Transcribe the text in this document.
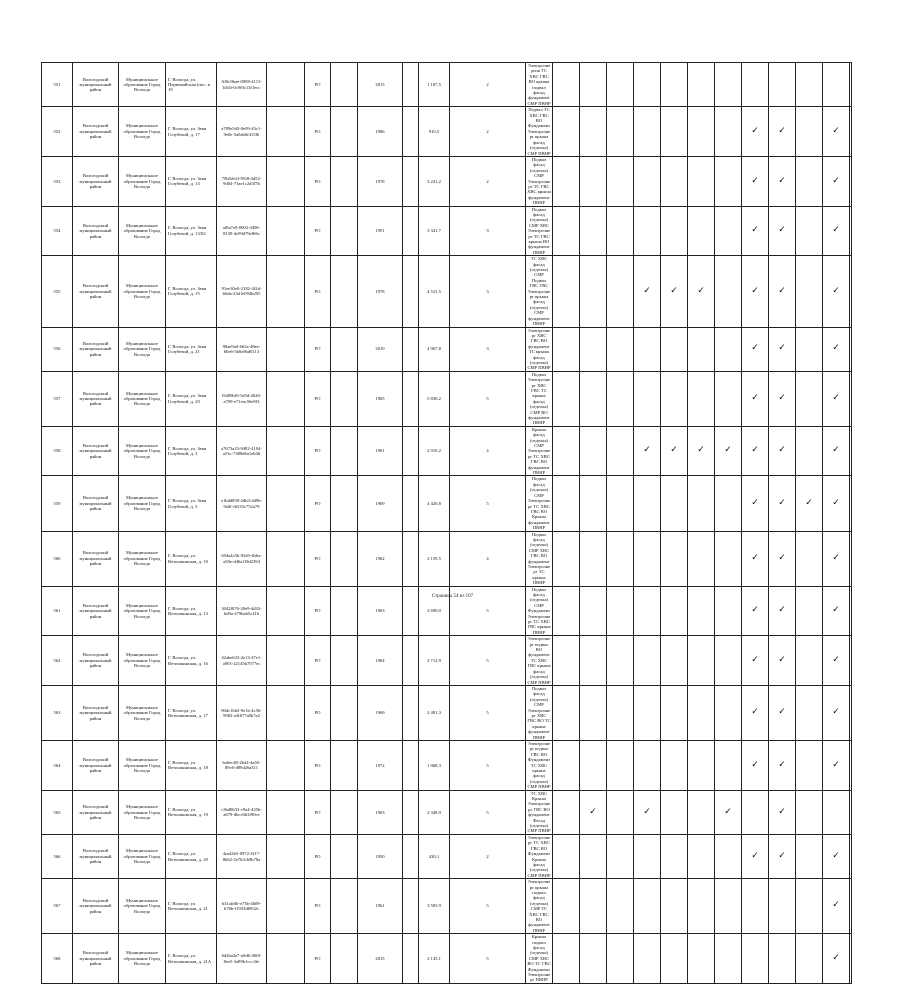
551	Вологодский муниципальный район	Муниципальное образование Город Вологда	Г. Вологда, ул. Первомайская (пос. в 19	A8fc9bae-0998-4113-b3d3-0c9f0c13f1ecc		РО		2015		1 187,5	2	Электроэнергия ТС ХВС ГВС ВО крыша подвал фасад фундамент СМР ПВНР												
552	Вологодский муниципальный район	Муниципальное образование Город Вологда	Г. Вологда, ул. Зеки Голубевой, д. 17	a789e5d3-0e09-43c1-9e0e-5a0ab6f415f6		РО		1986		910,5	2	Подвал ТС ХВС ГВС ВО Фундамент Электроэнерг крыша фасад (отделка) СМР ПВНР								✓	✓		✓	
553	Вологодский муниципальный район	Муниципальное образование Город Вологда	Г. Вологда, ул. Зеки Голубевой, д. 13	79b02e2f-95f8-4d52-9d04-71ae1c2d3f7b		РО		1978		3 241,2	2	Подвал фасад (отделка) СМР Электроэнерг ТС ГВС ХВС крыша фундамент ПВНР								✓	✓		✓	
554	Вологодский муниципальный район	Муниципальное образование Город Вологда	Г. Вологда, ул. Зеки Голубевой, д. 13/02	af8a7a9-0002-4496-8139-4e99d79e8f6c		РО		1991		3 341,7	3	Подвал фасад (отделка) СМР ХВС Электроэнерг ТС ГВС крыша ВО фундамент ПВНР								✓	✓		✓	
555	Вологодский муниципальный район	Муниципальное образование Город Вологда	Г. Вологда, ул. Зеки Голубевой, д. 15	91ee30e0-2182-4f2d-b6da-23d1e094b295		РО		1978		4 531,5	3	ТС ХВС фасад (отделка) СМР Подвал ГВС ТВС Электроэнерг крыша фасад (отделка) СМР фундамент ПВНР				✓	✓	✓		✓	✓		✓	
556	Вологодский муниципальный район	Муниципальное образование Город Вологда	Г. Вологда, ул. Зеки Голубевой, д. 21	98ae9a0-663a-48ee-b6e6-5b0a9bd6113		РО		2010		4 967,8	3	Электроэнерг ХВС ГВС ВО фундамент ТС крыша фасад (отделка) СМР ПВНР								✓	✓		✓	
557	Вологодский муниципальный район	Муниципальное образование Город Вологда	Г. Вологда, ул. Зеки Голубевой, д. 29	f5d09bf0-5a9d-4626-a709-e71eac56e9f3		РО		1965		5 836,2	5	Подвал Электроэнерг ХВС ГВС ТС крыша фасад (отделка) СМР ВО фундамент ПВНР								✓	✓		✓	
558	Вологодский муниципальный район	Муниципальное образование Город Вологда	Г. Вологда, ул. Зеки Голубевой, д. 3	a7673a23-9482-4194-a53c-7388d6a1eb46		РО		1961		2 910,2	4	Крыша фасад (отделка) СМР Электроэнерг ТС ХВС ГВС ВО фундамент ПВНР				✓	✓	✓	✓	✓	✓		✓	
559	Вологодский муниципальный район	Муниципальное образование Город Вологда	Г. Вологда, ул. Зеки Голубевой, д. 5	e1bdd839-2db3-4d9b-9a0f-fb533c752a79		РО		1969		4 420,8	5	Подвал фасад (отделка) СМР Электроэнерг ТС ХВС ГВС ВО Крыша фундамент ПВНР								✓	✓	✓	✓	
560	Вологодский муниципальный район	Муниципальное образование Город Вологда	Г. Вологда, ул. Ветошкинская, д. 10	694a4c5b-93a9-4b6a-a58e-d46a1f9d2394		РО		1962		2 139,5	4	Подвал фасад (отделка) СМР ХВС ГВС ВО фундамент Электроэнерг ТС крыша ПВНР								✓	✓		✓	
561	Вологодский муниципальный район	Муниципальное образование Город Вологда	Г. Вологда, ул. Ветошкинская, д. 13	3042f076-20e9-4d32-bd9a-279bab5c41b		РО		1963		2 690,0	5	Подвал фасад (отделка) СМР Фундамент Электроэнерг ТС ХВС ГВС крыша ПВНР								✓	✓		✓	
562	Вологодский муниципальный район	Муниципальное образование Город Вологда	Г. Вологда, ул. Ветошкинская, д. 16	42abe623-2e13-47e1-a901-22145b7077ec		РО		1964		2 712,9	5	Электроэнерг подвал ВО фундамент ТС ХВС ГВС крыша фасад (отделка) СМР ПВНР								✓	✓		✓	
563	Вологодский муниципальный район	Муниципальное образование Город Вологда	Г. Вологда, ул. Ветошкинская, д. 17	90dc1b62-9e1b-4c56-9982-a3f677a0b7a2		РО		1969		2 491,3	5	Подвал фасад (отделка) СМР Электроэнерг ХВС ГВС ВО ТС крыша фундамент ПВНР								✓	✓		✓	
564	Вологодский муниципальный район	Муниципальное образование Город Вологда	Г. Вологда, ул. Ветошкинская, д. 18	ba6ec48-2b44-4a50-89c6-d89d26a311		РО		1972		1 968,3	5	Электроэнерг подвал ГВС ВО Фундамент ТС ХВС крыша фасад (отделка) СМР ПВНР								✓	✓		✓	
565	Вологодский муниципальный район	Муниципальное образование Город Вологда	Г. Вологда, ул. Ветошкинская, д. 19	c3bd8633-c9a4-425b-a679-dbcc6b3f90ce		РО		1963		2 348,9	5	ТС ХВС Крыша Электроэнерг ГВС ВО фундамент Фасад (отделка) СМР ПВНР		✓		✓			✓		✓			
566	Вологодский муниципальный район	Муниципальное образование Город Вологда	Г. Вологда, ул. Ветошкинская, д. 20	4ea42b5-0972-4f17-8b62-2e7b3cb9b78a		РО		1950		430,1	2	Электроэнерг ТС ХВС ГВС ВО Фундамент Крыша фасад (отделка) СМР ПВНР								✓	✓		✓	
567	Вологодский муниципальный район	Муниципальное образование Город Вологда	Г. Вологда, ул. Ветошкинская, д. 21	b31afdfb-e73b-4b09-b76b-f1933d6932c		РО		1961		3 505,9	5	Электроэнерг крыша подвал фасад (отделка) СМР ТС ХВС ГВС ВО фундамент ПВНР											✓	
568	Вологодский муниципальный район	Муниципальное образование Город Вологда	Г. Вологда, ул. Ветошкинская, д. 21А	6d2ba2e7-a0d6-40f0-8ee5-3a89b1ccc3fe		РО		2015		2 145,1	5	Крыша подвал фасад (отделка) СМР ХВС ВО ТС ГВС Фундамент Электроэнерг ПВНР											✓	
Страница 54 из 107
